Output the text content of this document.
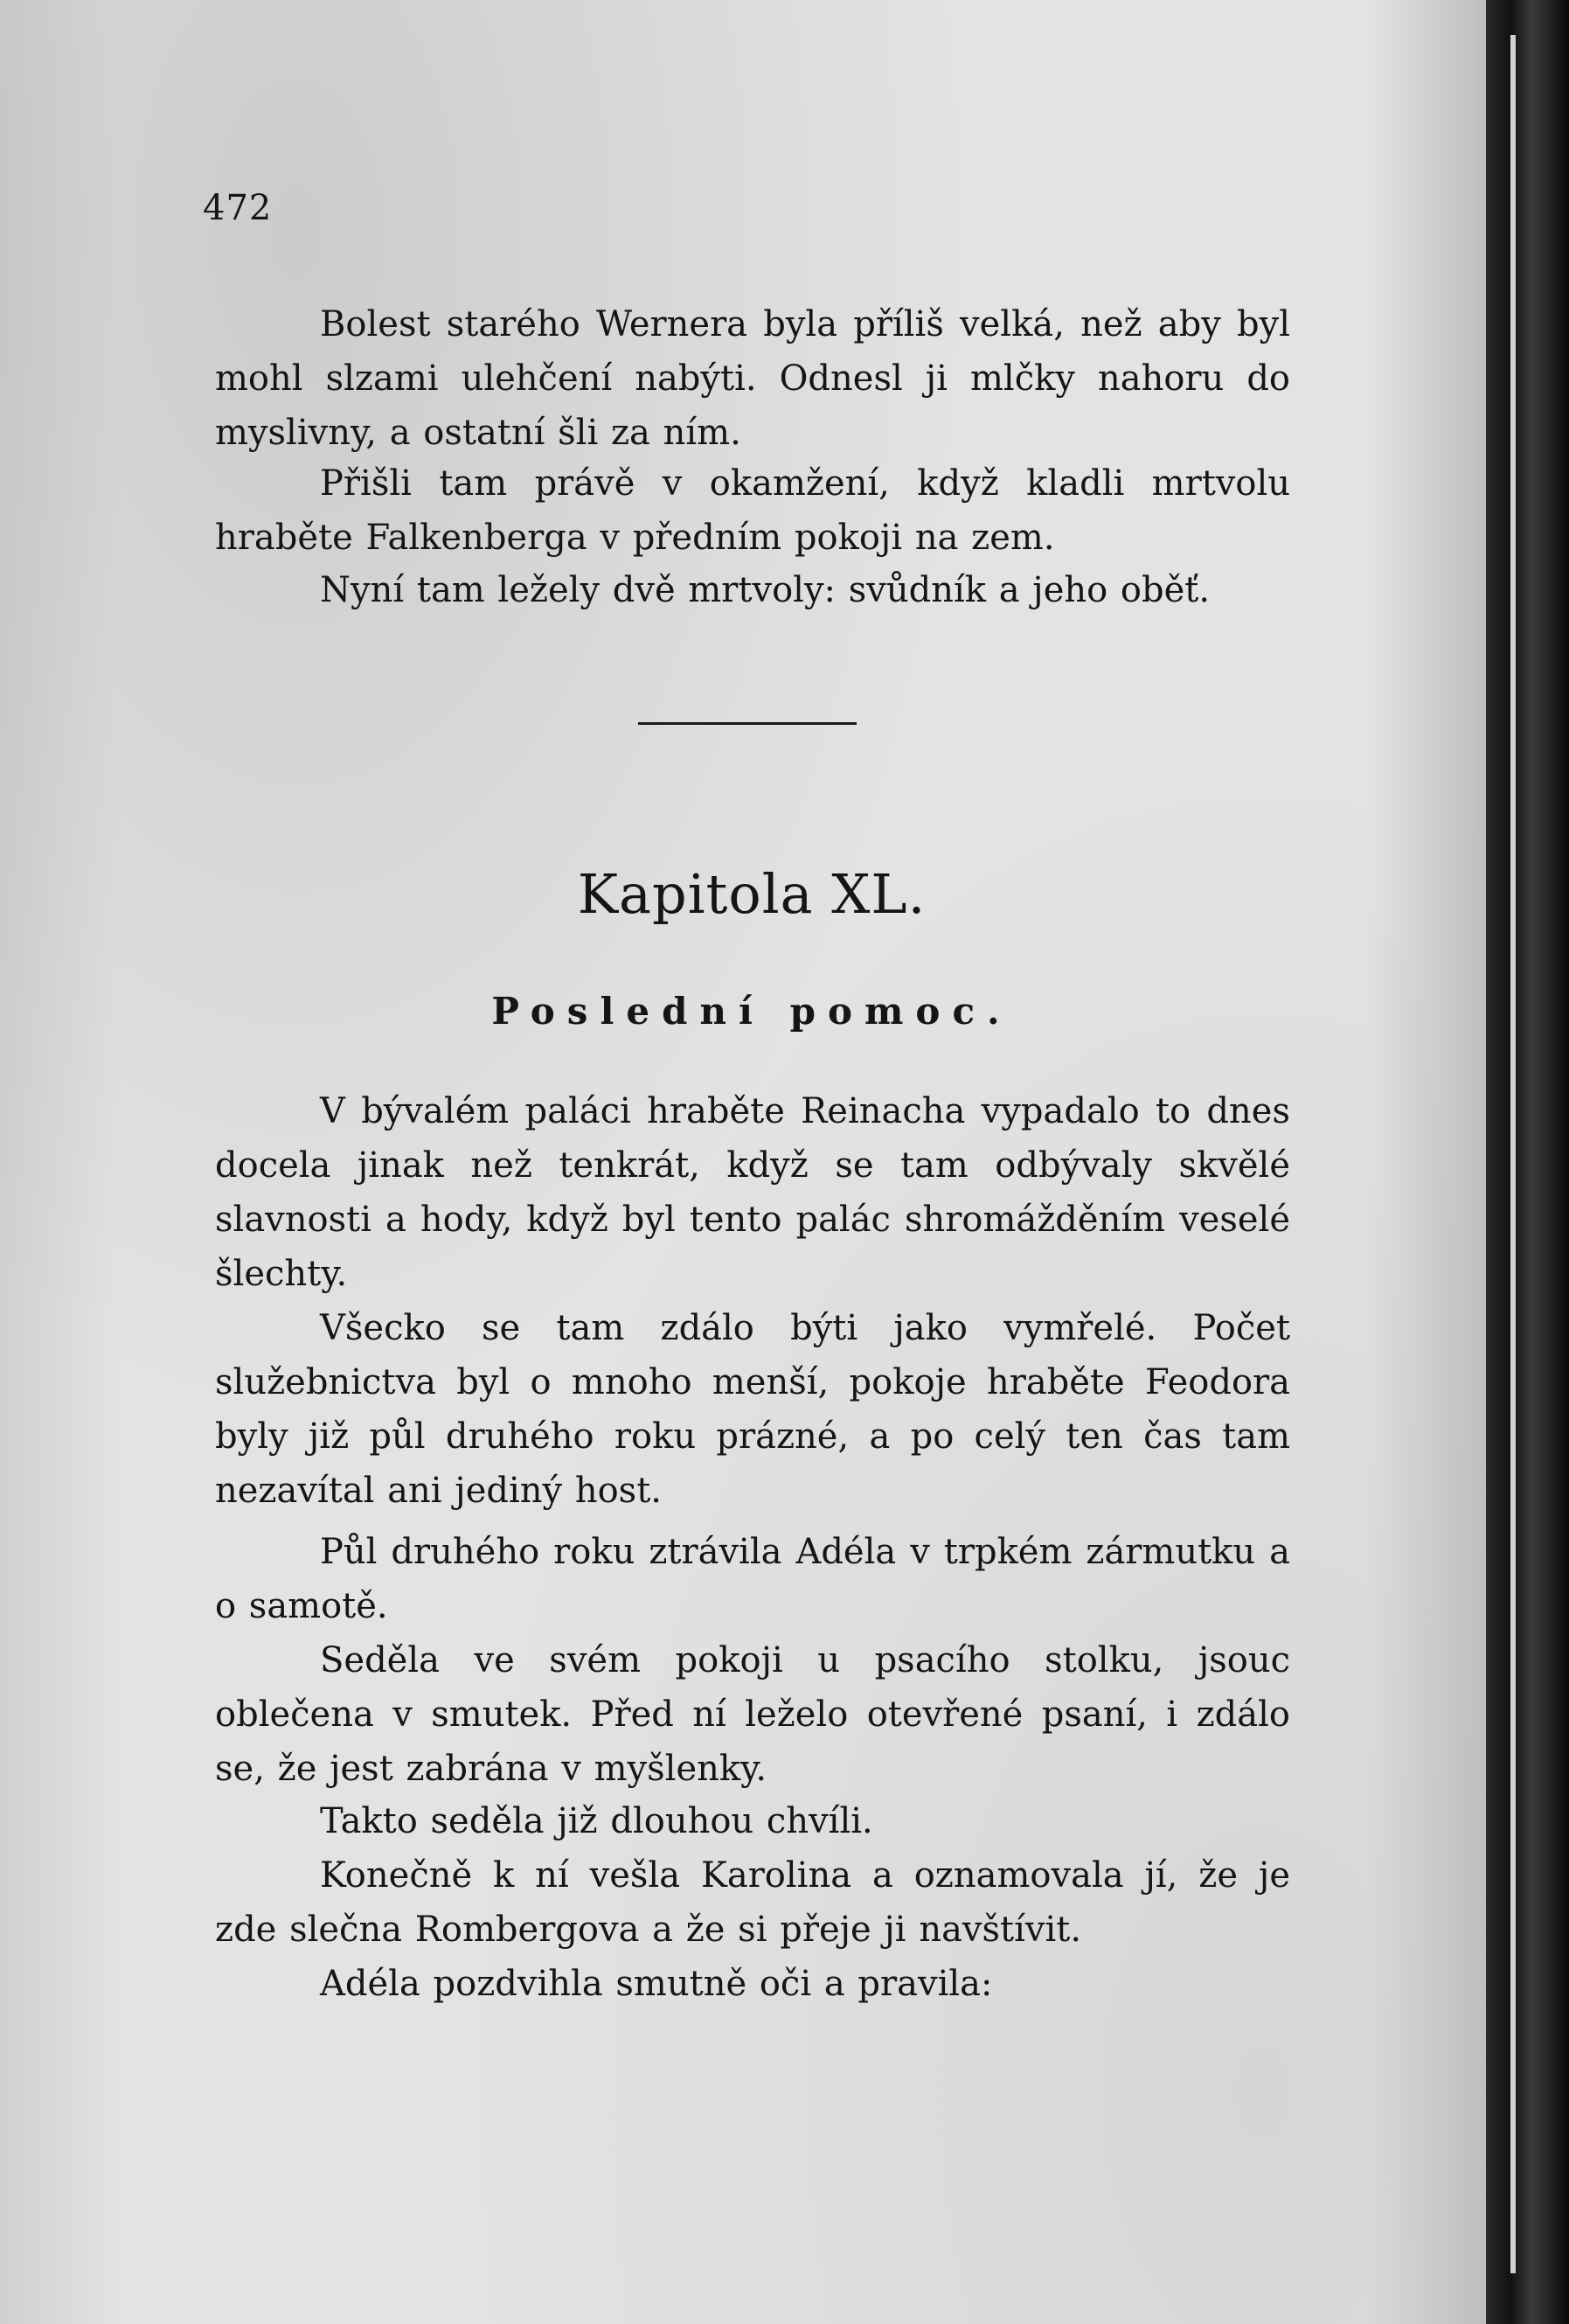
472

Bolest starého Wernera byla příliš velká, než aby byl mohl slzami ulehčení nabýti. Odnesl ji mlčky nahoru do myslivny, a ostatní šli za ním.

Přišli tam právě v okamžení, když kladli mrtvolu hraběte Falkenberga v předním pokoji na zem.

Nyní tam ležely dvě mrtvoly: svůdník a jeho oběť.

Kapitola XL.
Poslední pomoc.

V bývalém paláci hraběte Reinacha vypadalo to dnes docela jinak než tenkrát, když se tam odbývaly skvělé slavnosti a hody, když byl tento palác shromážděním veselé šlechty.

Všecko se tam zdálo býti jako vymřelé. Počet služebnictva byl o mnoho menší, pokoje hraběte Feodora byly již půl druhého roku prázné, a po celý ten čas tam nezavítal ani jediný host.

Půl druhého roku ztrávila Adéla v trpkém zármutku a o samotě.

Seděla ve svém pokoji u psacího stolku, jsouc oblečena v smutek. Před ní leželo otevřené psaní, i zdálo se, že jest zabrána v myšlenky.

Takto seděla již dlouhou chvíli.

Konečně k ní vešla Karolina a oznamovala jí, že je zde slečna Rombergova a že si přeje ji navštívit.

Adéla pozdvihla smutně oči a pravila:
